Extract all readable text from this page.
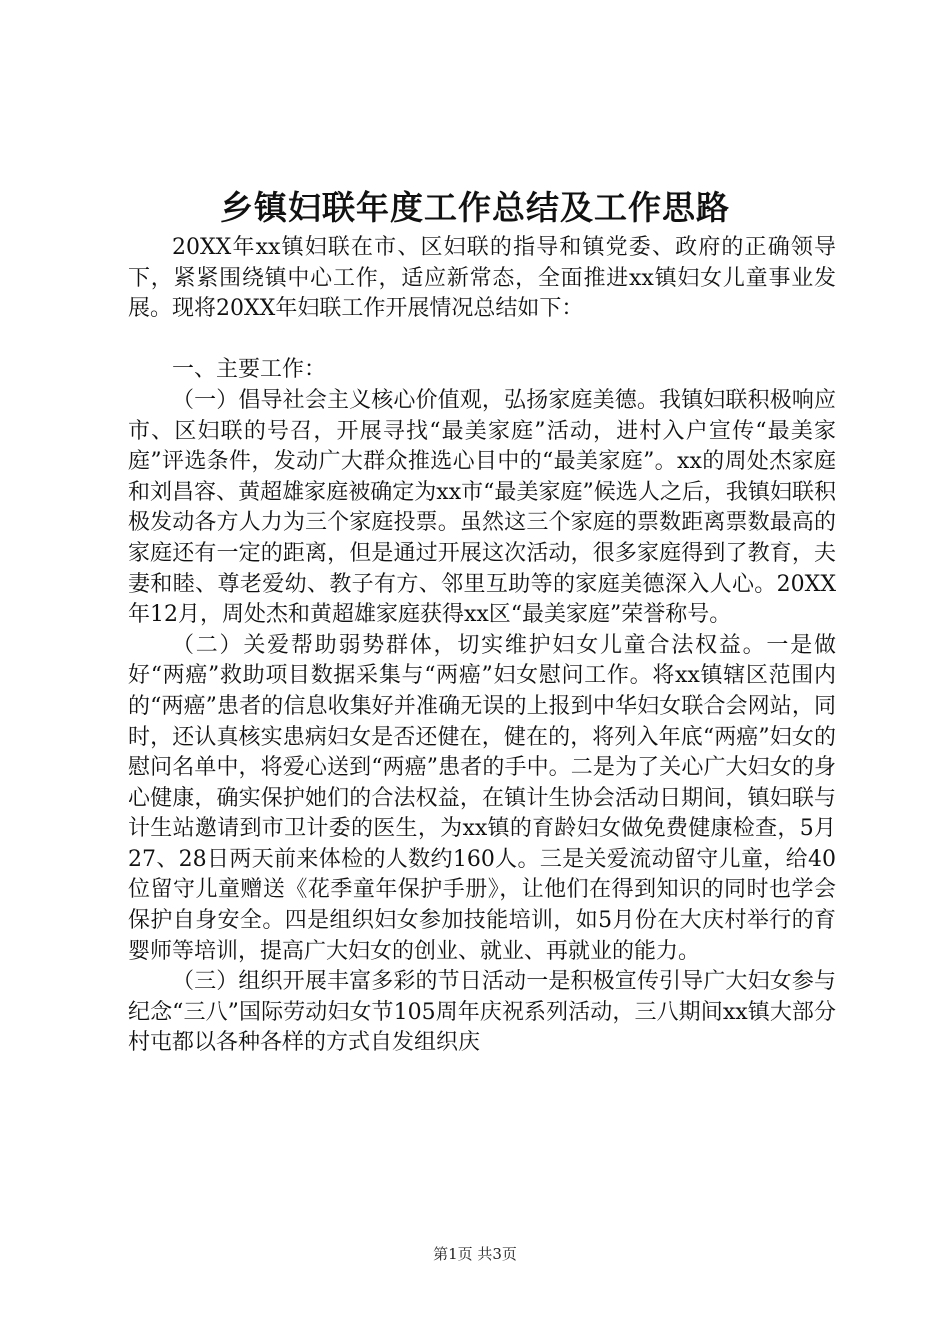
乡镇妇联年度工作总结及工作思路

20XX年xx镇妇联在市、区妇联的指导和镇党委、政府的正确领导下，紧紧围绕镇中心工作，适应新常态，全面推进xx镇妇女儿童事业发展。现将20XX年妇联工作开展情况总结如下：

一、主要工作：

（一）倡导社会主义核心价值观，弘扬家庭美德。我镇妇联积极响应市、区妇联的号召，开展寻找“最美家庭”活动，进村入户宣传“最美家庭”评选条件，发动广大群众推选心目中的“最美家庭”。xx的周处杰家庭和刘昌容、黄超雄家庭被确定为xx市“最美家庭”候选人之后，我镇妇联积极发动各方人力为三个家庭投票。虽然这三个家庭的票数距离票数最高的家庭还有一定的距离，但是通过开展这次活动，很多家庭得到了教育，夫妻和睦、尊老爱幼、教子有方、邻里互助等的家庭美德深入人心。20XX年12月，周处杰和黄超雄家庭获得xx区“最美家庭”荣誉称号。

（二）关爱帮助弱势群体，切实维护妇女儿童合法权益。一是做好“两癌”救助项目数据采集与“两癌”妇女慰问工作。将xx镇辖区范围内的“两癌”患者的信息收集好并准确无误的上报到中华妇女联合会网站，同时，还认真核实患病妇女是否还健在，健在的，将列入年底“两癌”妇女的慰问名单中，将爱心送到“两癌”患者的手中。二是为了关心广大妇女的身心健康，确实保护她们的合法权益，在镇计生协会活动日期间，镇妇联与计生站邀请到市卫计委的医生，为xx镇的育龄妇女做免费健康检查，5月27、28日两天前来体检的人数约160人。三是关爱流动留守儿童，给40位留守儿童赠送《花季童年保护手册》，让他们在得到知识的同时也学会保护自身安全。四是组织妇女参加技能培训，如5月份在大庆村举行的育婴师等培训，提高广大妇女的创业、就业、再就业的能力。

（三）组织开展丰富多彩的节日活动一是积极宣传引导广大妇女参与纪念“三八”国际劳动妇女节105周年庆祝系列活动，三八期间xx镇大部分村屯都以各种各样的方式自发组织庆

第1页 共3页
